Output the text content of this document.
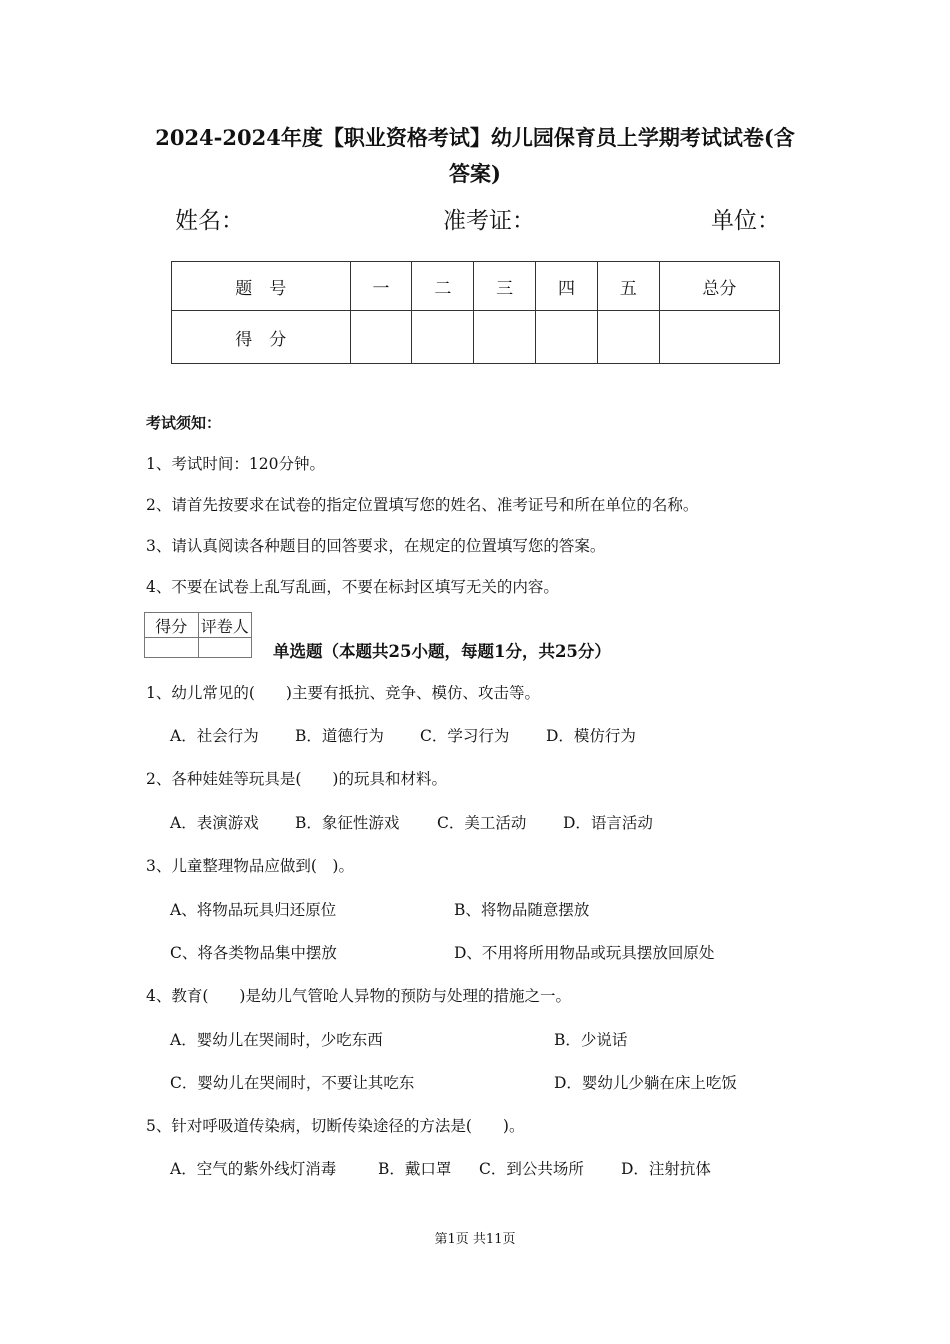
2024-2024年度【职业资格考试】幼儿园保育员上学期考试试卷(含
答案)
姓名：	准考证：	单位：
题　号	一	二	三	四	五	总分
得　分						
考试须知：
1、考试时间：120分钟。
2、请首先按要求在试卷的指定位置填写您的姓名、准考证号和所在单位的名称。
3、请认真阅读各种题目的回答要求，在规定的位置填写您的答案。
4、不要在试卷上乱写乱画，不要在标封区填写无关的内容。
得分	评卷人

单选题（本题共25小题，每题1分，共25分）
1、幼儿常见的(　　)主要有抵抗、竞争、模仿、攻击等。
A．社会行为 B．道德行为 C．学习行为 D．模仿行为
2、各种娃娃等玩具是(　　)的玩具和材料。
A．表演游戏 B．象征性游戏 C．美工活动 D．语言活动
3、儿童整理物品应做到(　)。
A、将物品玩具归还原位	B、将物品随意摆放
C、将各类物品集中摆放	D、不用将所用物品或玩具摆放回原处
4、教育(　　)是幼儿气管呛人异物的预防与处理的措施之一。
A．婴幼儿在哭闹时，少吃东西	B．少说话
C．婴幼儿在哭闹时，不要让其吃东	D．婴幼儿少躺在床上吃饭
5、针对呼吸道传染病，切断传染途径的方法是(　　)。
A．空气的紫外线灯消毒	B．戴口罩 C．到公共场所 D．注射抗体
第1页 共11页
